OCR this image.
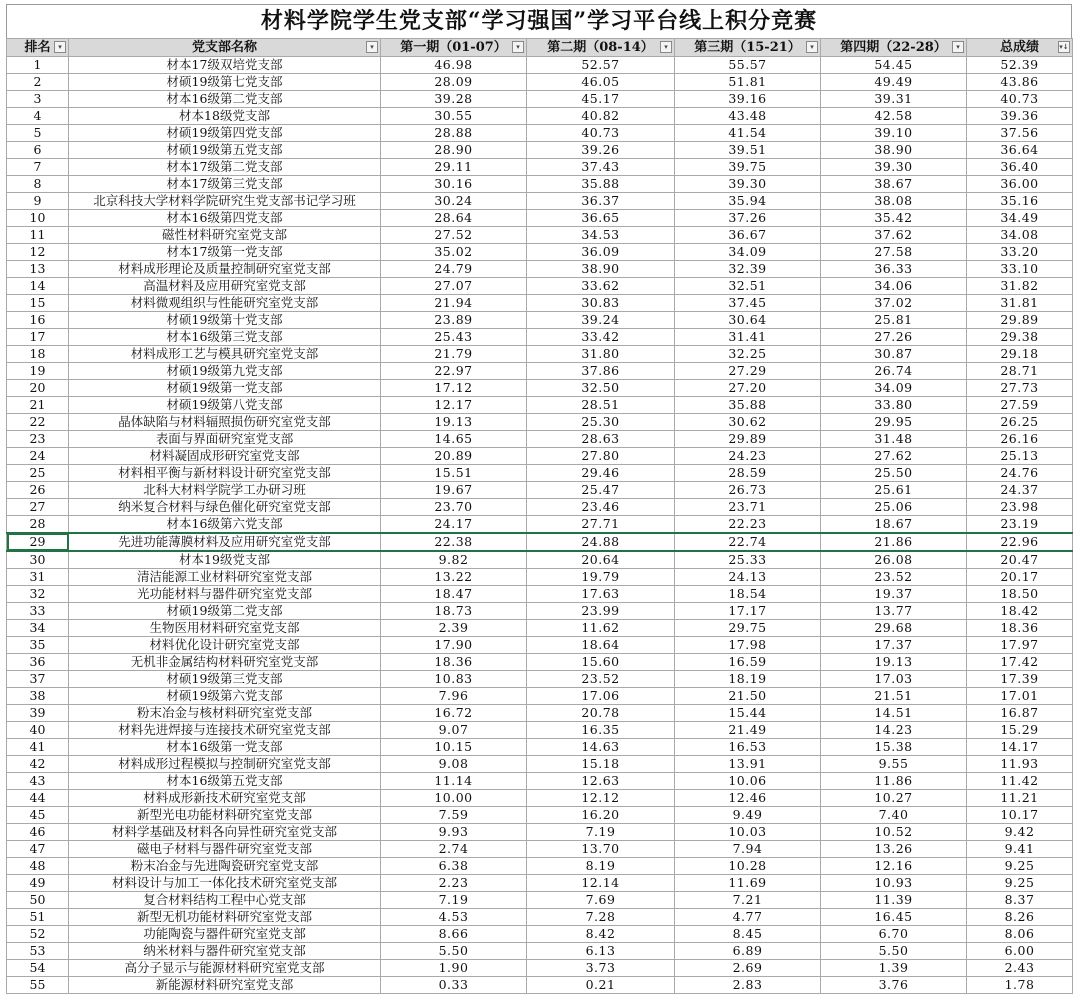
材料学院学生党支部“学习强国”学习平台线上积分竞赛
排名 ▾	党支部名称 ▾	第一期（01-07） ▾	第二期（08-14） ▾	第三期（15-21） ▾	第四期（22-28） ▾	总成绩 ▾↓

1	材本17级双培党支部	46.98	52.57	55.57	54.45	52.39
2	材硕19级第七党支部	28.09	46.05	51.81	49.49	43.86
3	材本16级第二党支部	39.28	45.17	39.16	39.31	40.73
4	材本18级党支部	30.55	40.82	43.48	42.58	39.36
5	材硕19级第四党支部	28.88	40.73	41.54	39.10	37.56
6	材硕19级第五党支部	28.90	39.26	39.51	38.90	36.64
7	材本17级第二党支部	29.11	37.43	39.75	39.30	36.40
8	材本17级第三党支部	30.16	35.88	39.30	38.67	36.00
9	北京科技大学材料学院研究生党支部书记学习班	30.24	36.37	35.94	38.08	35.16
10	材本16级第四党支部	28.64	36.65	37.26	35.42	34.49
11	磁性材料研究室党支部	27.52	34.53	36.67	37.62	34.08
12	材本17级第一党支部	35.02	36.09	34.09	27.58	33.20
13	材料成形理论及质量控制研究室党支部	24.79	38.90	32.39	36.33	33.10
14	高温材料及应用研究室党支部	27.07	33.62	32.51	34.06	31.82
15	材料微观组织与性能研究室党支部	21.94	30.83	37.45	37.02	31.81
16	材硕19级第十党支部	23.89	39.24	30.64	25.81	29.89
17	材本16级第三党支部	25.43	33.42	31.41	27.26	29.38
18	材料成形工艺与模具研究室党支部	21.79	31.80	32.25	30.87	29.18
19	材硕19级第九党支部	22.97	37.86	27.29	26.74	28.71
20	材硕19级第一党支部	17.12	32.50	27.20	34.09	27.73
21	材硕19级第八党支部	12.17	28.51	35.88	33.80	27.59
22	晶体缺陷与材料辐照损伤研究室党支部	19.13	25.30	30.62	29.95	26.25
23	表面与界面研究室党支部	14.65	28.63	29.89	31.48	26.16
24	材料凝固成形研究室党支部	20.89	27.80	24.23	27.62	25.13
25	材料相平衡与新材料设计研究室党支部	15.51	29.46	28.59	25.50	24.76
26	北科大材料学院学工办研习班	19.67	25.47	26.73	25.61	24.37
27	纳米复合材料与绿色催化研究室党支部	23.70	23.46	23.71	25.06	23.98
28	材本16级第六党支部	24.17	27.71	22.23	18.67	23.19
29	先进功能薄膜材料及应用研究室党支部	22.38	24.88	22.74	21.86	22.96
30	材本19级党支部	9.82	20.64	25.33	26.08	20.47
31	清洁能源工业材料研究室党支部	13.22	19.79	24.13	23.52	20.17
32	光功能材料与器件研究室党支部	18.47	17.63	18.54	19.37	18.50
33	材硕19级第二党支部	18.73	23.99	17.17	13.77	18.42
34	生物医用材料研究室党支部	2.39	11.62	29.75	29.68	18.36
35	材料优化设计研究室党支部	17.90	18.64	17.98	17.37	17.97
36	无机非金属结构材料研究室党支部	18.36	15.60	16.59	19.13	17.42
37	材硕19级第三党支部	10.83	23.52	18.19	17.03	17.39
38	材硕19级第六党支部	7.96	17.06	21.50	21.51	17.01
39	粉末冶金与核材料研究室党支部	16.72	20.78	15.44	14.51	16.87
40	材料先进焊接与连接技术研究室党支部	9.07	16.35	21.49	14.23	15.29
41	材本16级第一党支部	10.15	14.63	16.53	15.38	14.17
42	材料成形过程模拟与控制研究室党支部	9.08	15.18	13.91	9.55	11.93
43	材本16级第五党支部	11.14	12.63	10.06	11.86	11.42
44	材料成形新技术研究室党支部	10.00	12.12	12.46	10.27	11.21
45	新型光电功能材料研究室党支部	7.59	16.20	9.49	7.40	10.17
46	材料学基础及材料各向异性研究室党支部	9.93	7.19	10.03	10.52	9.42
47	磁电子材料与器件研究室党支部	2.74	13.70	7.94	13.26	9.41
48	粉末冶金与先进陶瓷研究室党支部	6.38	8.19	10.28	12.16	9.25
49	材料设计与加工一体化技术研究室党支部	2.23	12.14	11.69	10.93	9.25
50	复合材料结构工程中心党支部	7.19	7.69	7.21	11.39	8.37
51	新型无机功能材料研究室党支部	4.53	7.28	4.77	16.45	8.26
52	功能陶瓷与器件研究室党支部	8.66	8.42	8.45	6.70	8.06
53	纳米材料与器件研究室党支部	5.50	6.13	6.89	5.50	6.00
54	高分子显示与能源材料研究室党支部	1.90	3.73	2.69	1.39	2.43
55	新能源材料研究室党支部	0.33	0.21	2.83	3.76	1.78
